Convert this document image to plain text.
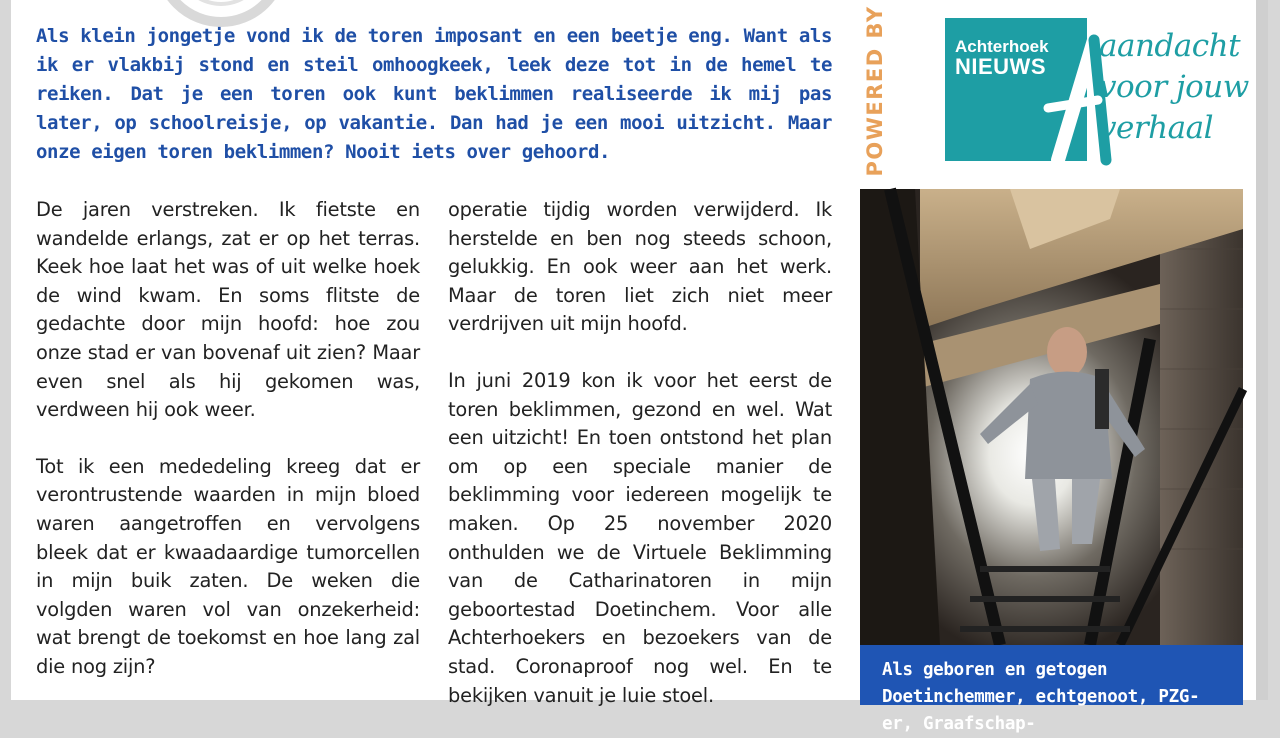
Als klein jongetje vond ik de toren imposant en een beetje eng. Want als ik er vlakbij stond en steil omhoogkeek, leek deze tot in de hemel te reiken. Dat je een toren ook kunt beklimmen realiseerde ik mij pas later, op schoolreisje, op vakantie. Dan had je een mooi uitzicht. Maar onze eigen toren beklimmen? Nooit iets over gehoord.

De jaren verstreken. Ik fietste en wandelde erlangs, zat er op het terras. Keek hoe laat het was of uit welke hoek de wind kwam. En soms flitste de gedachte door mijn hoofd: hoe zou onze stad er van bovenaf uit zien? Maar even snel als hij gekomen was, verdween hij ook weer.

Tot ik een mededeling kreeg dat er verontrustende waarden in mijn bloed waren aangetroffen en vervolgens bleek dat er kwaadaardige tumorcellen in mijn buik zaten. De weken die volgden waren vol van onzekerheid: wat brengt de toekomst en hoe lang zal die nog zijn?

operatie tijdig worden verwijderd. Ik herstelde en ben nog steeds schoon, gelukkig. En ook weer aan het werk. Maar de toren liet zich niet meer verdrijven uit mijn hoofd.

In juni 2019 kon ik voor het eerst de toren beklimmen, gezond en wel. Wat een uitzicht! En toen ontstond het plan om op een speciale manier de beklimming voor iedereen mogelijk te maken. Op 25 november 2020 onthulden we de Virtuele Beklimming van de Catharinatoren in mijn geboortestad Doetinchem. Voor alle Achterhoekers en bezoekers van de stad. Coronaproof nog wel. En te bekijken vanuit je luie stoel.

POWERED BY	Achterhoek
NIEUWS
aandacht
voor jouw
verhaal
Als geboren en getogen Doetinchemmer, echtgenoot, PZG-er, Graafschap-
